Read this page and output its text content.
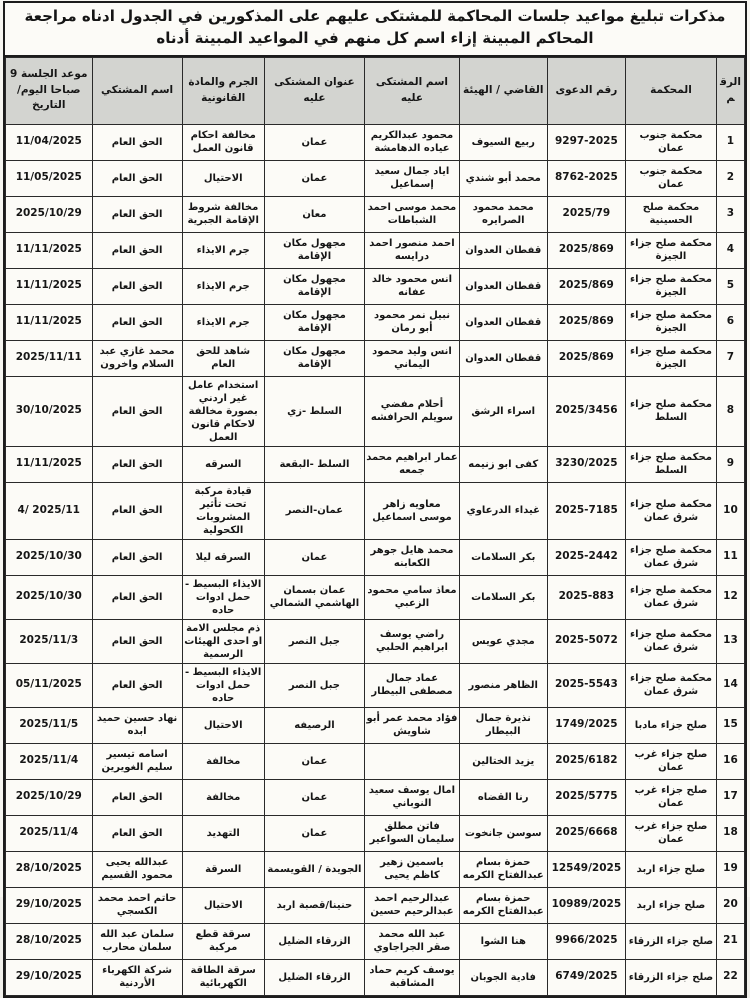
مذكرات تبليغ مواعيد جلسات المحاكمة للمشتكى عليهم على المذكورين في الجدول ادناه مراجعة المحاكم المبينة إزاء اسم كل منهم في المواعيد المبينة أدناه
الرقم	المحكمة	رقم الدعوى	القاضي / الهيئة	اسم المشتكى عليه	عنوان المشتكى عليه	الجرم والمادة القانونية	اسم المشتكي	موعد الجلسة 9 صباحا اليوم/التاريخ
1	محكمة جنوب عمان	9297-2025	ربيع السيوف	محمود عبدالكريم عياده الدهامشة	عمان	مخالفة احكام قانون العمل	الحق العام	11/04/2025
2	محكمة جنوب عمان	8762-2025	محمد أبو شندي	اياد جمال سعيد إسماعيل	عمان	الاحتيال	الحق العام	11/05/2025
3	محكمة صلح الحسينية	2025/79	محمد محمود الصرايره	محمد موسى احمد الشباطات	معان	مخالفة شروط الإقامة الجبرية	الحق العام	2025/10/29
4	محكمة صلح جزاء الجيزة	2025/869	قفطان العدوان	احمد منصور احمد درايسه	مجهول مكان الإقامة	جرم الايذاء	الحق العام	11/11/2025
5	محكمة صلح جزاء الجيزة	2025/869	قفطان العدوان	انس محمود خالد عفانه	مجهول مكان الإقامة	جرم الايذاء	الحق العام	11/11/2025
6	محكمة صلح جزاء الجيزة	2025/869	قفطان العدوان	نبيل نمر محمود أبو رمان	مجهول مكان الإقامة	جرم الايذاء	الحق العام	11/11/2025
7	محكمة صلح جزاء الجيزة	2025/869	قفطان العدوان	انس وليد محمود اليماني	مجهول مكان الإقامة	شاهد للحق العام	محمد غازي عبد السلام واخرون	2025/11/11
8	محكمة صلح جزاء السلط	2025/3456	اسراء الرشق	أحلام مفضي سويلم الحرافشه	السلط -زي	استخدام عامل غير اردني بصورة مخالفة لاحكام قانون العمل	الحق العام	30/10/2025
9	محكمة صلح جزاء السلط	3230/2025	كفى ابو زنيمه	عمار ابراهيم محمد جمعه	السلط -البقعة	السرقه	الحق العام	11/11/2025
10	محكمة صلح جزاء شرق عمان	2025-7185	غيداء الدرعاوي	معاويه زاهر موسى اسماعيل	عمان-النصر	قيادة مركبة تحت تأثير المشروبات الكحولية	الحق العام	4/ 2025/11
11	محكمة صلح جزاء شرق عمان	2025-2442	بكر السلامات	محمد هايل جوهر الكعابنه	عمان	السرقه ليلا	الحق العام	2025/10/30
12	محكمة صلح جزاء شرق عمان	2025-883	بكر السلامات	معاذ سامي محمود الزعبي	عمان بسمان الهاشمي الشمالي	الايذاء البسيط - حمل ادوات حاده	الحق العام	2025/10/30
13	محكمة صلح جزاء شرق عمان	2025-5072	مجدي عويس	راضي يوسف ابراهيم الحلبي	جبل النصر	ذم مجلس الامة او احدى الهيئات الرسمية	الحق العام	2025/11/3
14	محكمة صلح جزاء شرق عمان	2025-5543	الظاهر منصور	عماد جمال مصطفى البيطار	جبل النصر	الايذاء البسيط - حمل ادوات حاده	الحق العام	05/11/2025
15	صلح جزاء مادبا	1749/2025	نذيرة جمال البيطار	فؤاد محمد عمر أبو شاويش	الرصيفه	الاحتيال	نهاد حسين حميد ابده	2025/11/5
16	صلح جزاء غرب عمان	2025/6182	يزيد الختالين		عمان	مخالفة	اسامه تيسير سليم الغويرين	2025/11/4
17	صلح جزاء غرب عمان	2025/5775	رنا القضاه	امال يوسف سعيد النوباني	عمان	مخالفة	الحق العام	2025/10/29
18	صلح جزاء غرب عمان	2025/6668	سوسن جانخوت	فاتن مطلق سليمان السواعير	عمان	التهديد	الحق العام	2025/11/4
19	صلح جزاء اربد	12549/2025	حمزة بسام عبدالفتاح الكرمه	ياسمين زهير كاظم يحيى	الجويدة / القويسمة	السرقة	عبدالله يحيى محمود القسيم	28/10/2025
20	صلح جزاء اربد	10989/2025	حمزة بسام عبدالفتاح الكرمه	عبدالرحيم احمد عبدالرحيم حسين	حنينا/قصبة اربد	الاحتيال	حاتم احمد محمد الكسجي	29/10/2025
21	صلح جزاء الزرقاء	9966/2025	هنا الشوا	عبد الله محمد صقر الجراجاوي	الزرقاء الضليل	سرقة قطع مركبة	سلمان عبد الله سلمان محارب	28/10/2025
22	صلح جزاء الزرقاء	6749/2025	فادية الجوبان	يوسف كريم حماد المشاقبة	الزرقاء الضليل	سرقة الطاقة الكهربائية	شركة الكهرباء الأردنية	29/10/2025
